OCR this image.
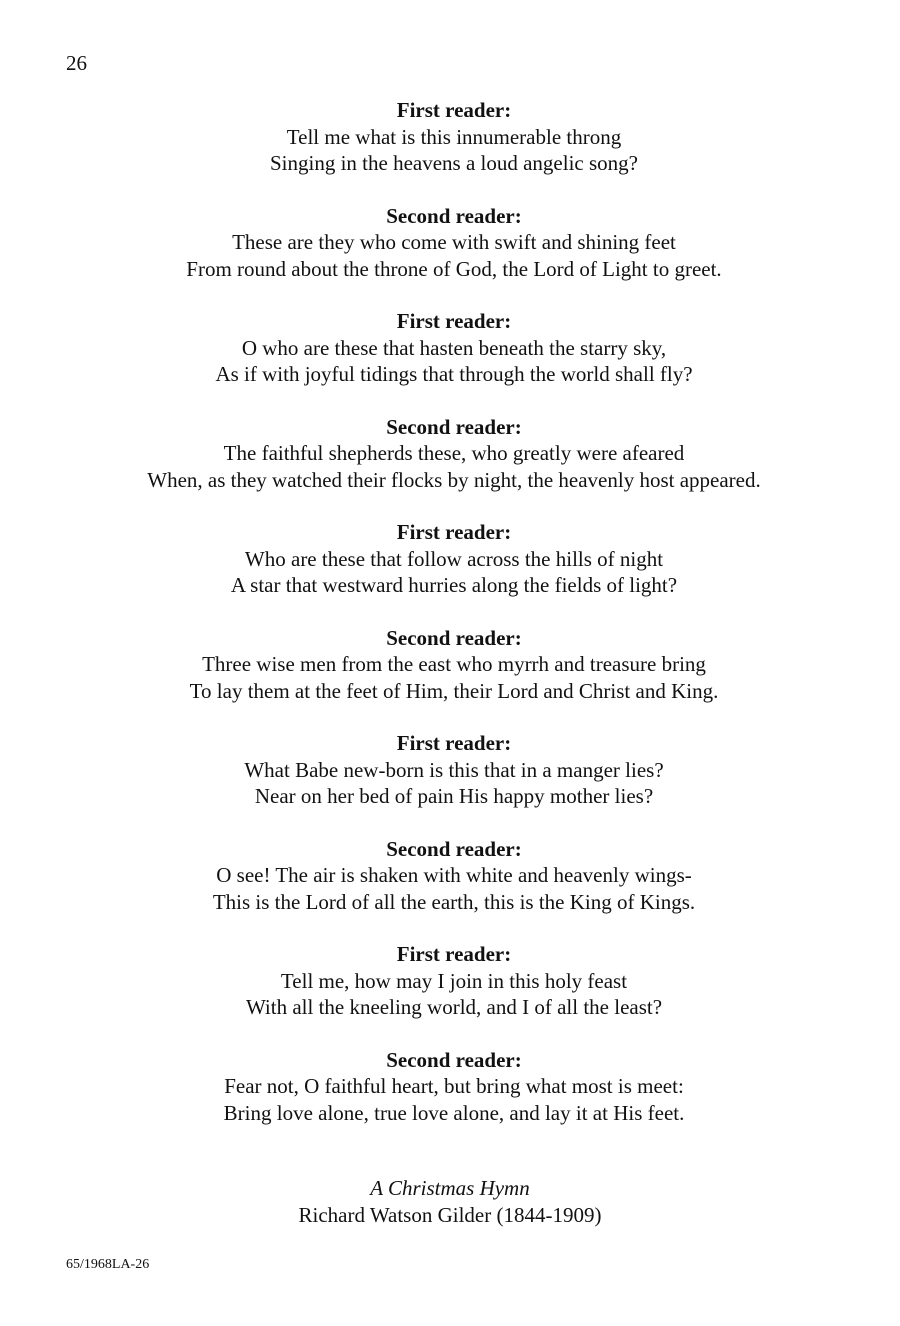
26
First reader:
Tell me what is this innumerable throng
Singing in the heavens a loud angelic song?
Second reader:
These are they who come with swift and shining feet
From round about the throne of God, the Lord of Light to greet.
First reader:
O who are these that hasten beneath the starry sky,
As if with joyful tidings that through the world shall fly?
Second reader:
The faithful shepherds these, who greatly were afeared
When, as they watched their flocks by night, the heavenly host appeared.
First reader:
Who are these that follow across the hills of night
A star that westward hurries along the fields of light?
Second reader:
Three wise men from the east who myrrh and treasure bring
To lay them at the feet of Him, their Lord and Christ and King.
First reader:
What Babe new-born is this that in a manger lies?
Near on her bed of pain His happy mother lies?
Second reader:
O see! The air is shaken with white and heavenly wings-
This is the Lord of all the earth, this is the King of Kings.
First reader:
Tell me, how may I join in this holy feast
With all the kneeling world, and I of all the least?
Second reader:
Fear not, O faithful heart, but bring what most is meet:
Bring love alone, true love alone, and lay it at His feet.
A Christmas Hymn
Richard Watson Gilder (1844-1909)
65/1968LA-26
